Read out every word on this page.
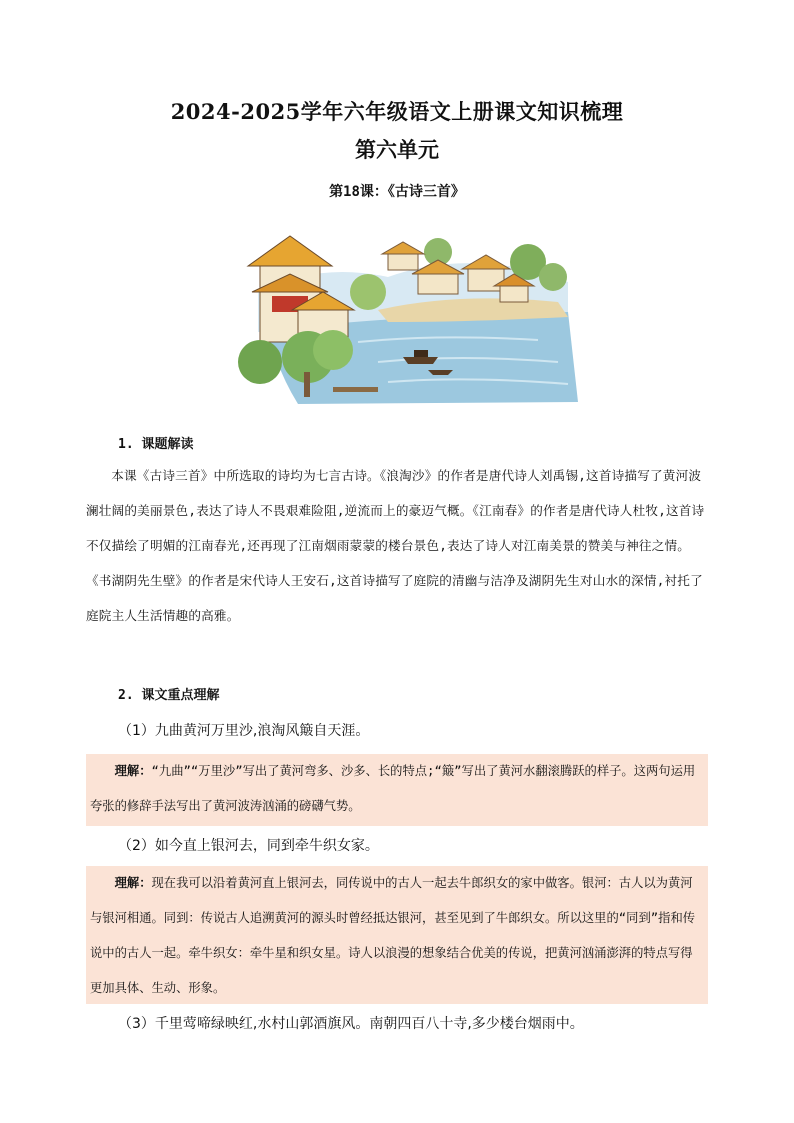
2024-2025学年六年级语文上册课文知识梳理
第六单元
第18课：《古诗三首》
1. 课题解读
本课《古诗三首》中所选取的诗均为七言古诗。《浪淘沙》的作者是唐代诗人刘禹锡,这首诗描写了黄河波澜壮阔的美丽景色,表达了诗人不畏艰难险阻,逆流而上的豪迈气概。《江南春》的作者是唐代诗人杜牧,这首诗不仅描绘了明媚的江南春光,还再现了江南烟雨蒙蒙的楼台景色,表达了诗人对江南美景的赞美与神往之情。《书湖阴先生壁》的作者是宋代诗人王安石,这首诗描写了庭院的清幽与洁净及湖阴先生对山水的深情,衬托了庭院主人生活情趣的高雅。
2. 课文重点理解
（1）九曲黄河万里沙,浪淘风簸自天涯。

理解：“九曲”“万里沙”写出了黄河弯多、沙多、长的特点;“簸”写出了黄河水翻滚腾跃的样子。这两句运用夸张的修辞手法写出了黄河波涛汹涌的磅礴气势。

（2）如今直上银河去，同到牵牛织女家。

理解：现在我可以沿着黄河直上银河去，同传说中的古人一起去牛郎织女的家中做客。银河：古人以为黄河与银河相通。同到：传说古人追溯黄河的源头时曾经抵达银河，甚至见到了牛郎织女。所以这里的“同到”指和传说中的古人一起。牵牛织女：牵牛星和织女星。诗人以浪漫的想象结合优美的传说，把黄河汹涌澎湃的特点写得更加具体、生动、形象。

（3）千里莺啼绿映红,水村山郭酒旗风。南朝四百八十寺,多少楼台烟雨中。
